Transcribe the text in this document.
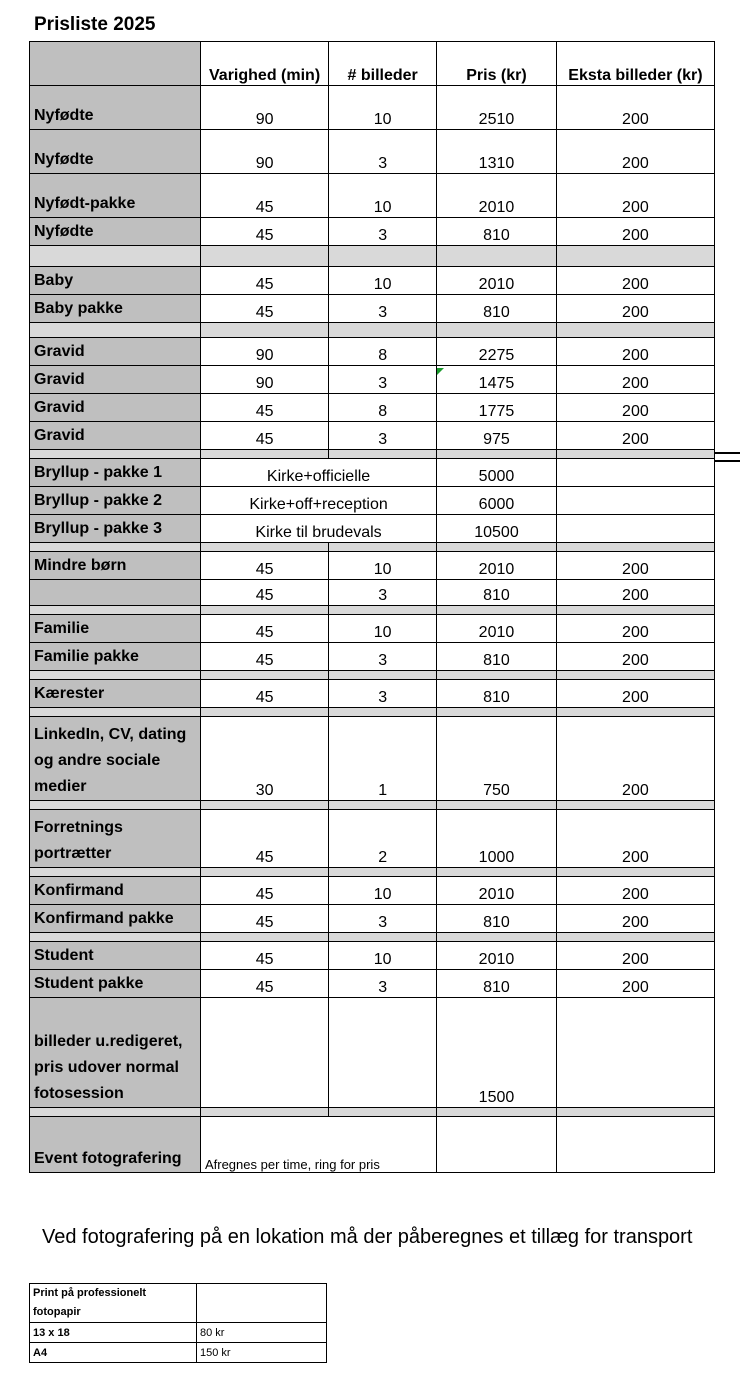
Prisliste 2025
	Varighed (min)	# billeder	Pris (kr)	Eksta billeder (kr)
Nyfødte	90	10	2510	200
Nyfødte	90	3	1310	200
Nyfødt-pakke	45	10	2010	200
Nyfødte	45	3	810	200

Baby	45	10	2010	200
Baby pakke	45	3	810	200

Gravid	90	8	2275	200
Gravid	90	3	1475	200
Gravid	45	8	1775	200
Gravid	45	3	975	200

Bryllup - pakke 1	Kirke+officielle		5000	
Bryllup - pakke 2	Kirke+off+reception		6000	
Bryllup - pakke 3	Kirke til brudevals		10500	

Mindre børn	45	10	2010	200
	45	3	810	200

Familie	45	10	2010	200
Familie pakke	45	3	810	200

Kærester	45	3	810	200

LinkedIn, CV, dating og andre sociale medier	30	1	750	200

Forretnings portrætter	45	2	1000	200

Konfirmand	45	10	2010	200
Konfirmand pakke	45	3	810	200

Student	45	10	2010	200
Student pakke	45	3	810	200
billeder u.redigeret, pris udover normal fotosession			1500	

Event fotografering	Afregnes per time, ring for pris			
Ved fotografering på en lokation må der påberegnes et tillæg for transport
Print på professionelt fotopapir	
13 x 18	80 kr
A4	150 kr
